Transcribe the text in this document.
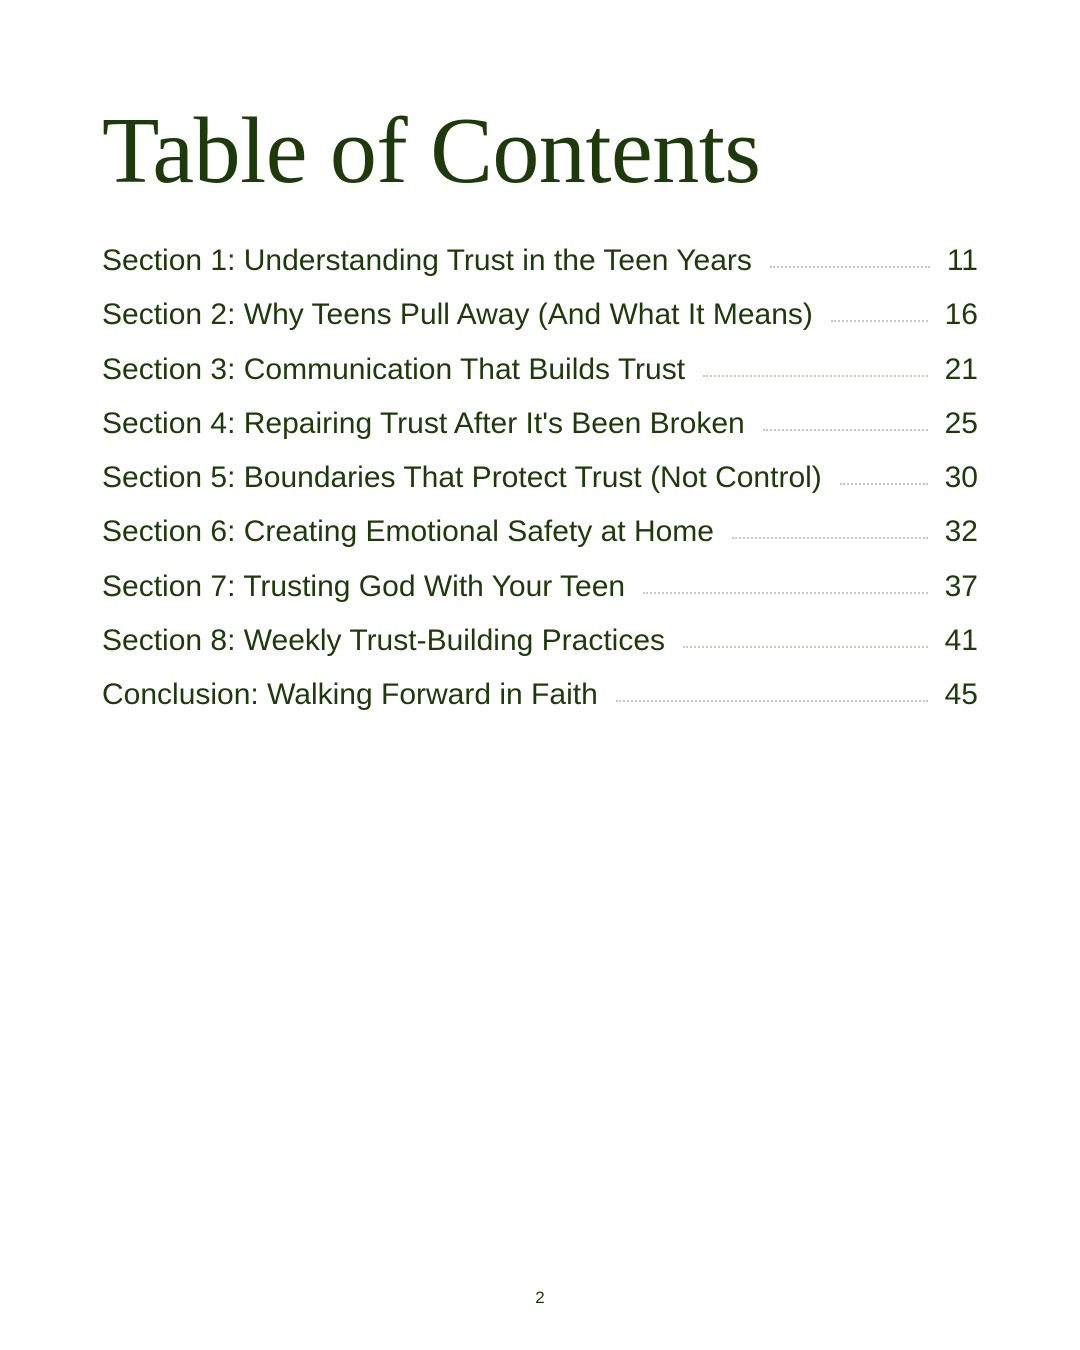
Table of Contents
Section 1: Understanding Trust in the Teen Years	11
Section 2: Why Teens Pull Away (And What It Means)	16
Section 3: Communication That Builds Trust	21
Section 4: Repairing Trust After It's Been Broken	25
Section 5: Boundaries That Protect Trust (Not Control)	30
Section 6: Creating Emotional Safety at Home	32
Section 7: Trusting God With Your Teen	37
Section 8: Weekly Trust-Building Practices	41
Conclusion: Walking Forward in Faith	45
2
